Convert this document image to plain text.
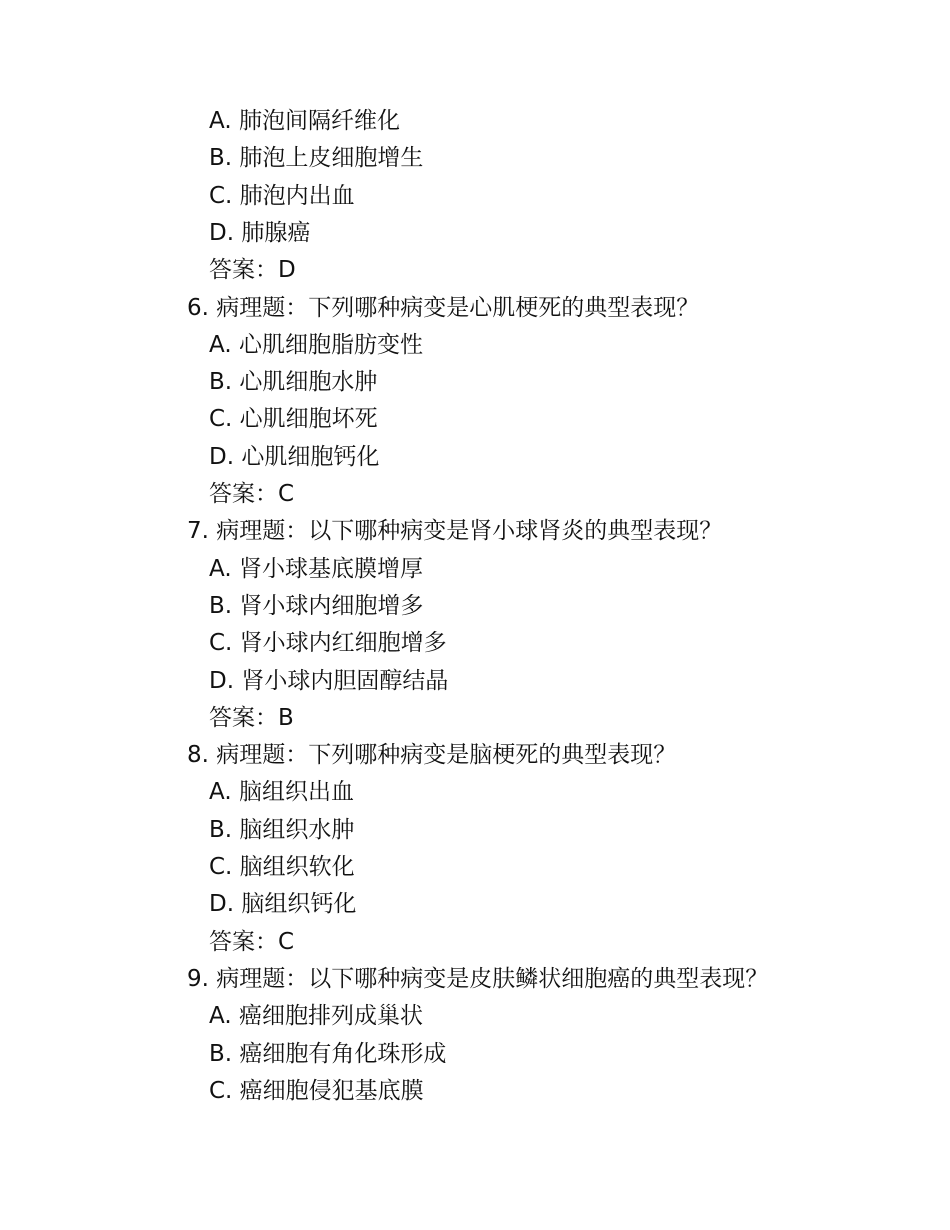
A. 肺泡间隔纤维化
B. 肺泡上皮细胞增生
C. 肺泡内出血
D. 肺腺癌
答案：D
6. 病理题：下列哪种病变是心肌梗死的典型表现？
A. 心肌细胞脂肪变性
B. 心肌细胞水肿
C. 心肌细胞坏死
D. 心肌细胞钙化
答案：C
7. 病理题：以下哪种病变是肾小球肾炎的典型表现？
A. 肾小球基底膜增厚
B. 肾小球内细胞增多
C. 肾小球内红细胞增多
D. 肾小球内胆固醇结晶
答案：B
8. 病理题：下列哪种病变是脑梗死的典型表现？
A. 脑组织出血
B. 脑组织水肿
C. 脑组织软化
D. 脑组织钙化
答案：C
9. 病理题：以下哪种病变是皮肤鳞状细胞癌的典型表现？
A. 癌细胞排列成巢状
B. 癌细胞有角化珠形成
C. 癌细胞侵犯基底膜
